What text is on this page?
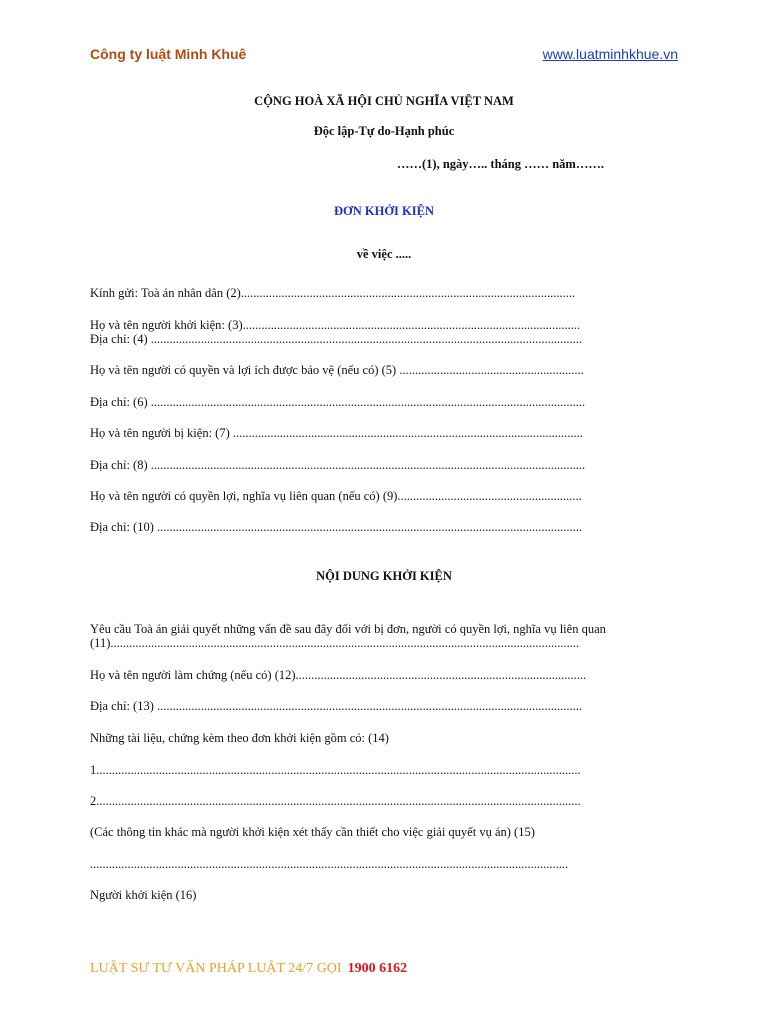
Công ty luật Minh Khuê	www.luatminhkhue.vn
CỘNG HOÀ XÃ HỘI CHỦ NGHĨA VIỆT NAM
Độc lập-Tự do-Hạnh phúc
……(1), ngày….. tháng …… năm…….
ĐƠN KHỞI KIỆN
về việc .....
Kính gửi: Toà án nhân dân (2)...........................................................................................................
Họ và tên người khởi kiện: (3)............................................................................................................
Địa chỉ: (4) ..........................................................................................................................................
Họ và tên người có quyền và lợi ích được bảo vệ (nếu có) (5) ...........................................................
Địa chỉ: (6) ...........................................................................................................................................
Họ và tên người bị kiện: (7) ................................................................................................................
Địa chỉ: (8) ...........................................................................................................................................
Họ và tên người có quyền lợi, nghĩa vụ liên quan (nếu có) (9)...........................................................
Địa chỉ: (10) ........................................................................................................................................
NỘI DUNG KHỞI KIỆN
Yêu cầu Toà án giải quyết những vấn đề sau đây đối với bị đơn, người có quyền lợi, nghĩa vụ liên quan
(11)......................................................................................................................................................
Họ và tên người làm chứng (nếu có) (12).............................................................................................
Địa chỉ: (13) ........................................................................................................................................
Những tài liệu, chứng kèm theo đơn khởi kiện gồm có: (14)
1...........................................................................................................................................................
2...........................................................................................................................................................
(Các thông tin khác mà người khởi kiện xét thấy cần thiết cho việc giải quyết vụ án) (15)
.........................................................................................................................................................
Người khởi kiện (16)
LUẬT SƯ TƯ VẤN PHÁP LUẬT 24/7 GỌI 1900 6162
